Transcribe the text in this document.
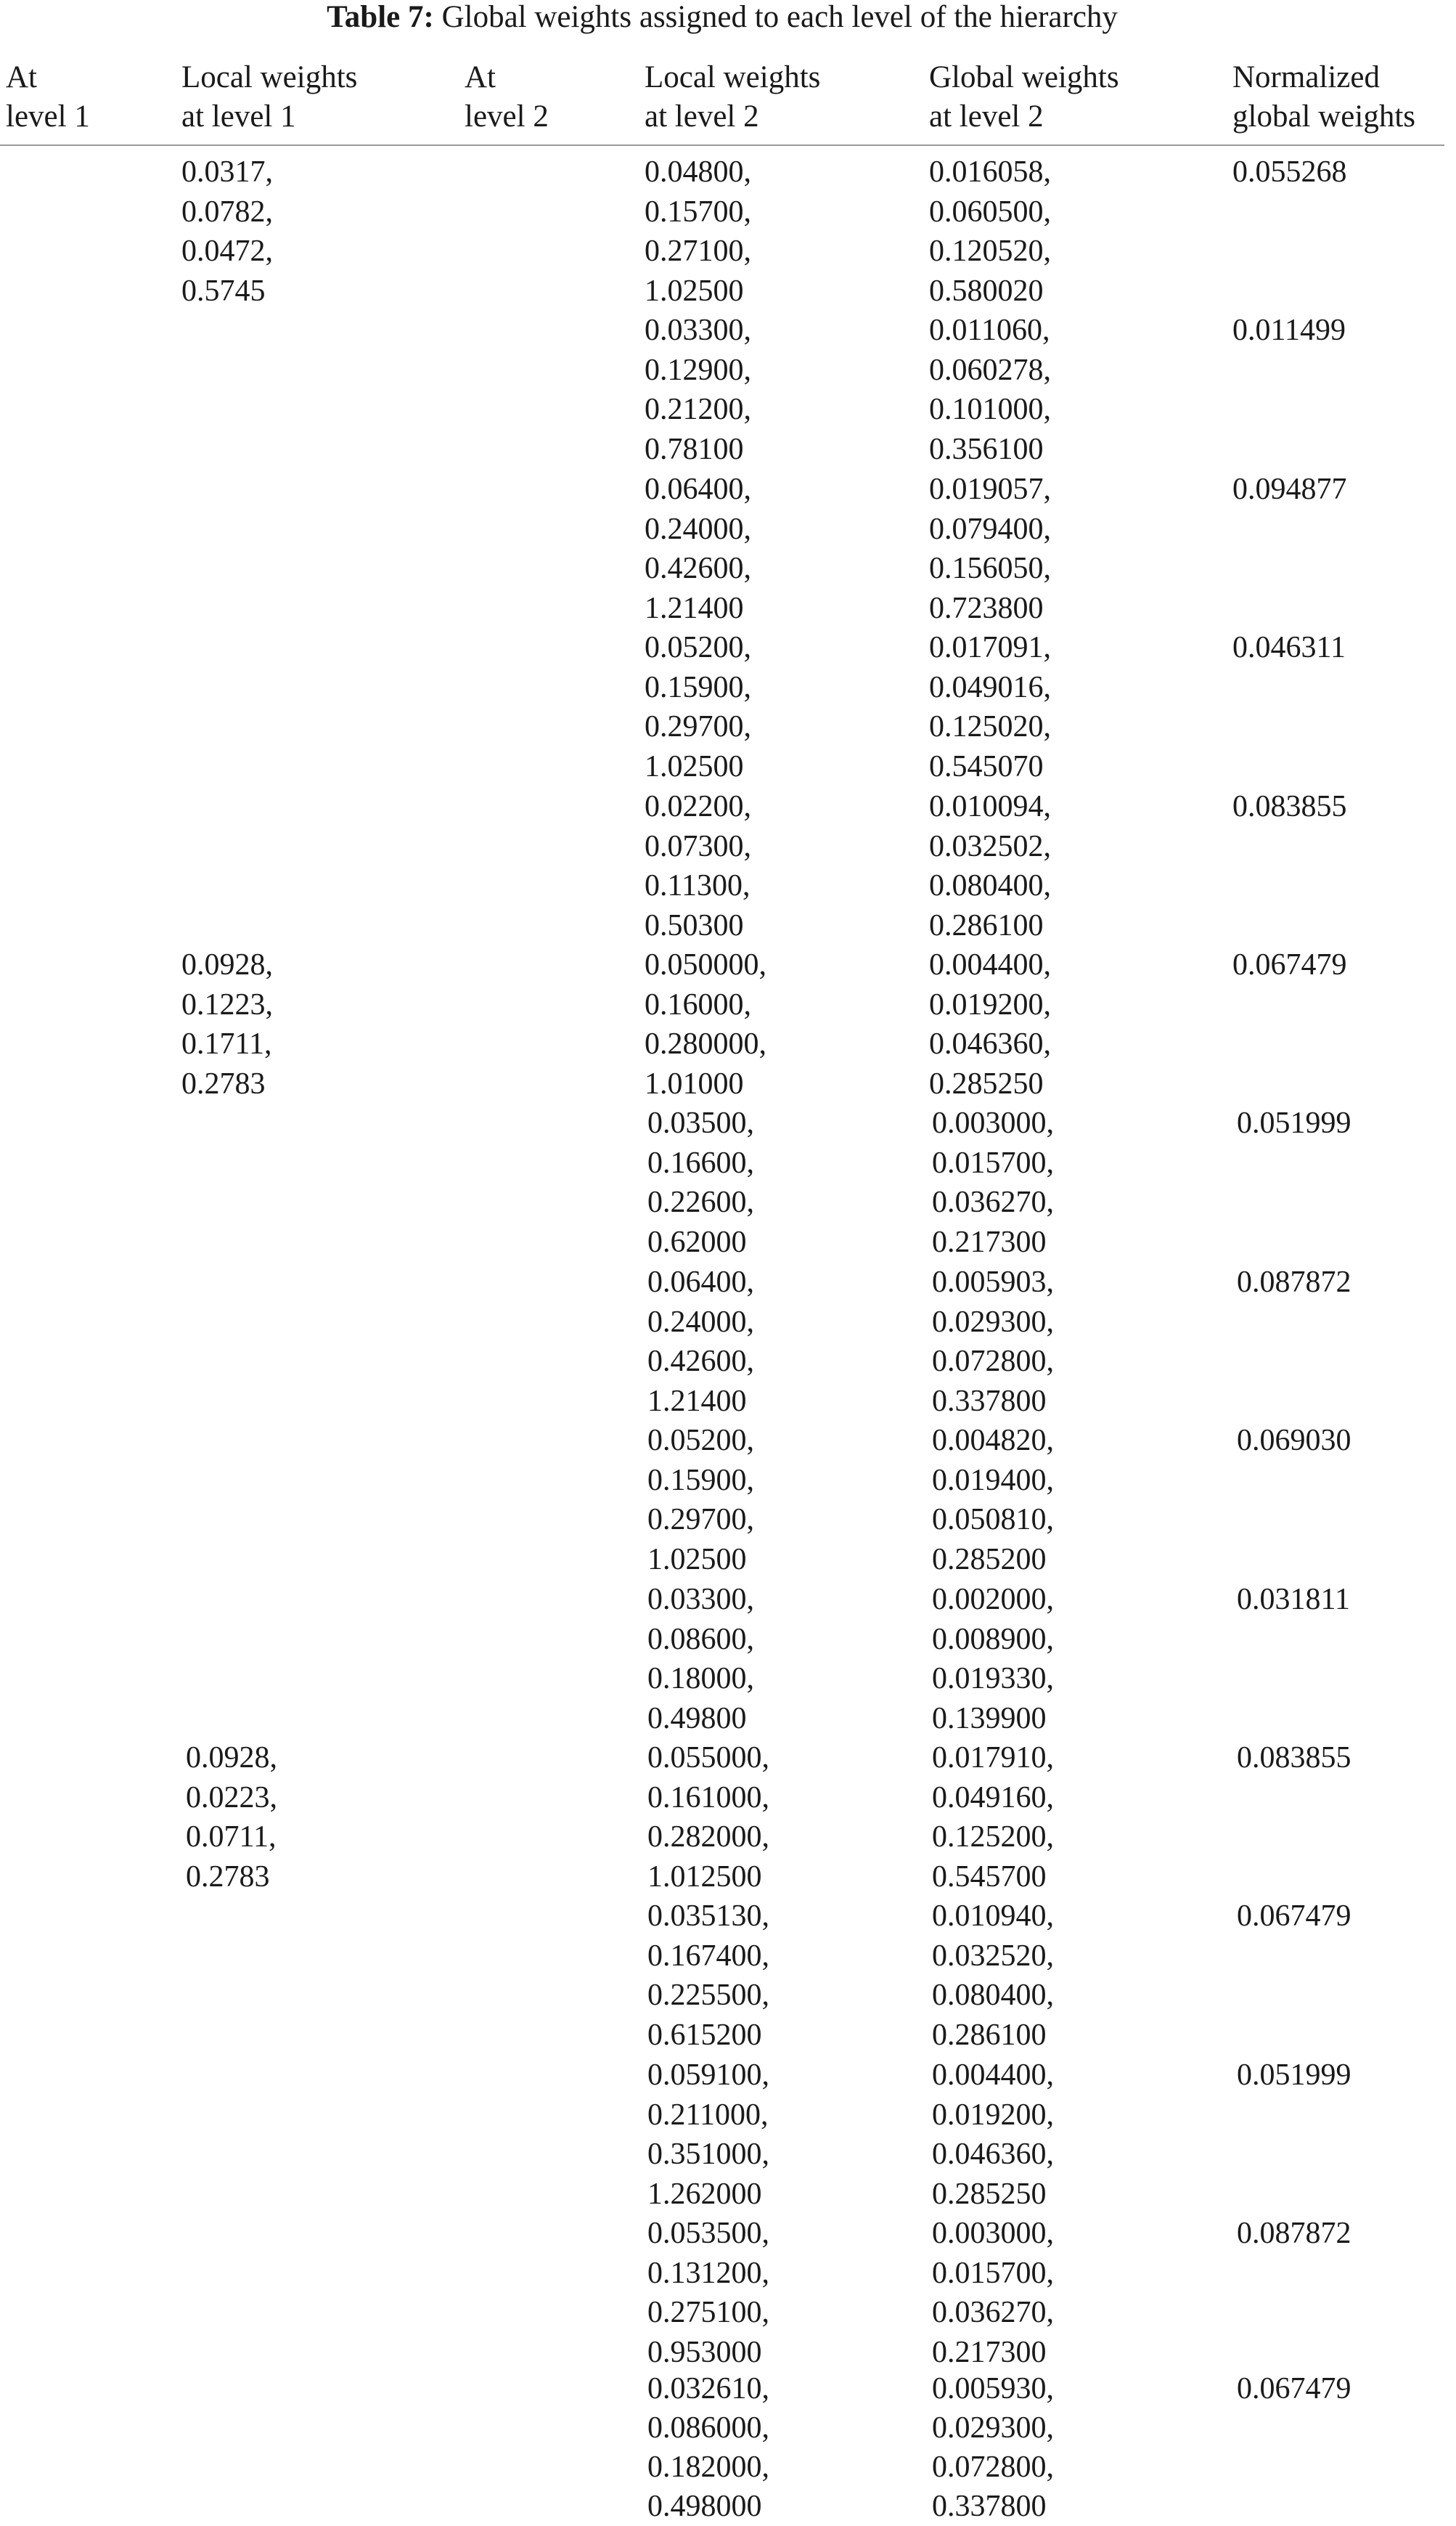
Table 7: Global weights assigned to each level of the hierarchy
At
level 1
Local weights
at level 1
At
level 2
Local weights
at level 2
Global weights
at level 2
Normalized
global weights
0.0317,
0.0782,
0.0472,
0.5745
0.0928,
0.1223,
0.1711,
0.2783
0.0928,
0.0223,
0.0711,
0.2783
0.04800,
0.15700,
0.27100,
1.02500
0.016058,
0.060500,
0.120520,
0.580020
0.055268
0.03300,
0.12900,
0.21200,
0.78100
0.011060,
0.060278,
0.101000,
0.356100
0.011499
0.06400,
0.24000,
0.42600,
1.21400
0.019057,
0.079400,
0.156050,
0.723800
0.094877
0.05200,
0.15900,
0.29700,
1.02500
0.017091,
0.049016,
0.125020,
0.545070
0.046311
0.02200,
0.07300,
0.11300,
0.50300
0.010094,
0.032502,
0.080400,
0.286100
0.083855
0.050000,
0.16000,
0.280000,
1.01000
0.004400,
0.019200,
0.046360,
0.285250
0.067479
0.03500,
0.16600,
0.22600,
0.62000
0.003000,
0.015700,
0.036270,
0.217300
0.051999
0.06400,
0.24000,
0.42600,
1.21400
0.005903,
0.029300,
0.072800,
0.337800
0.087872
0.05200,
0.15900,
0.29700,
1.02500
0.004820,
0.019400,
0.050810,
0.285200
0.069030
0.03300,
0.08600,
0.18000,
0.49800
0.002000,
0.008900,
0.019330,
0.139900
0.031811
0.055000,
0.161000,
0.282000,
1.012500
0.017910,
0.049160,
0.125200,
0.545700
0.083855
0.035130,
0.167400,
0.225500,
0.615200
0.010940,
0.032520,
0.080400,
0.286100
0.067479
0.059100,
0.211000,
0.351000,
1.262000
0.004400,
0.019200,
0.046360,
0.285250
0.051999
0.053500,
0.131200,
0.275100,
0.953000
0.003000,
0.015700,
0.036270,
0.217300
0.087872
0.032610,
0.086000,
0.182000,
0.498000
0.005930,
0.029300,
0.072800,
0.337800
0.067479
